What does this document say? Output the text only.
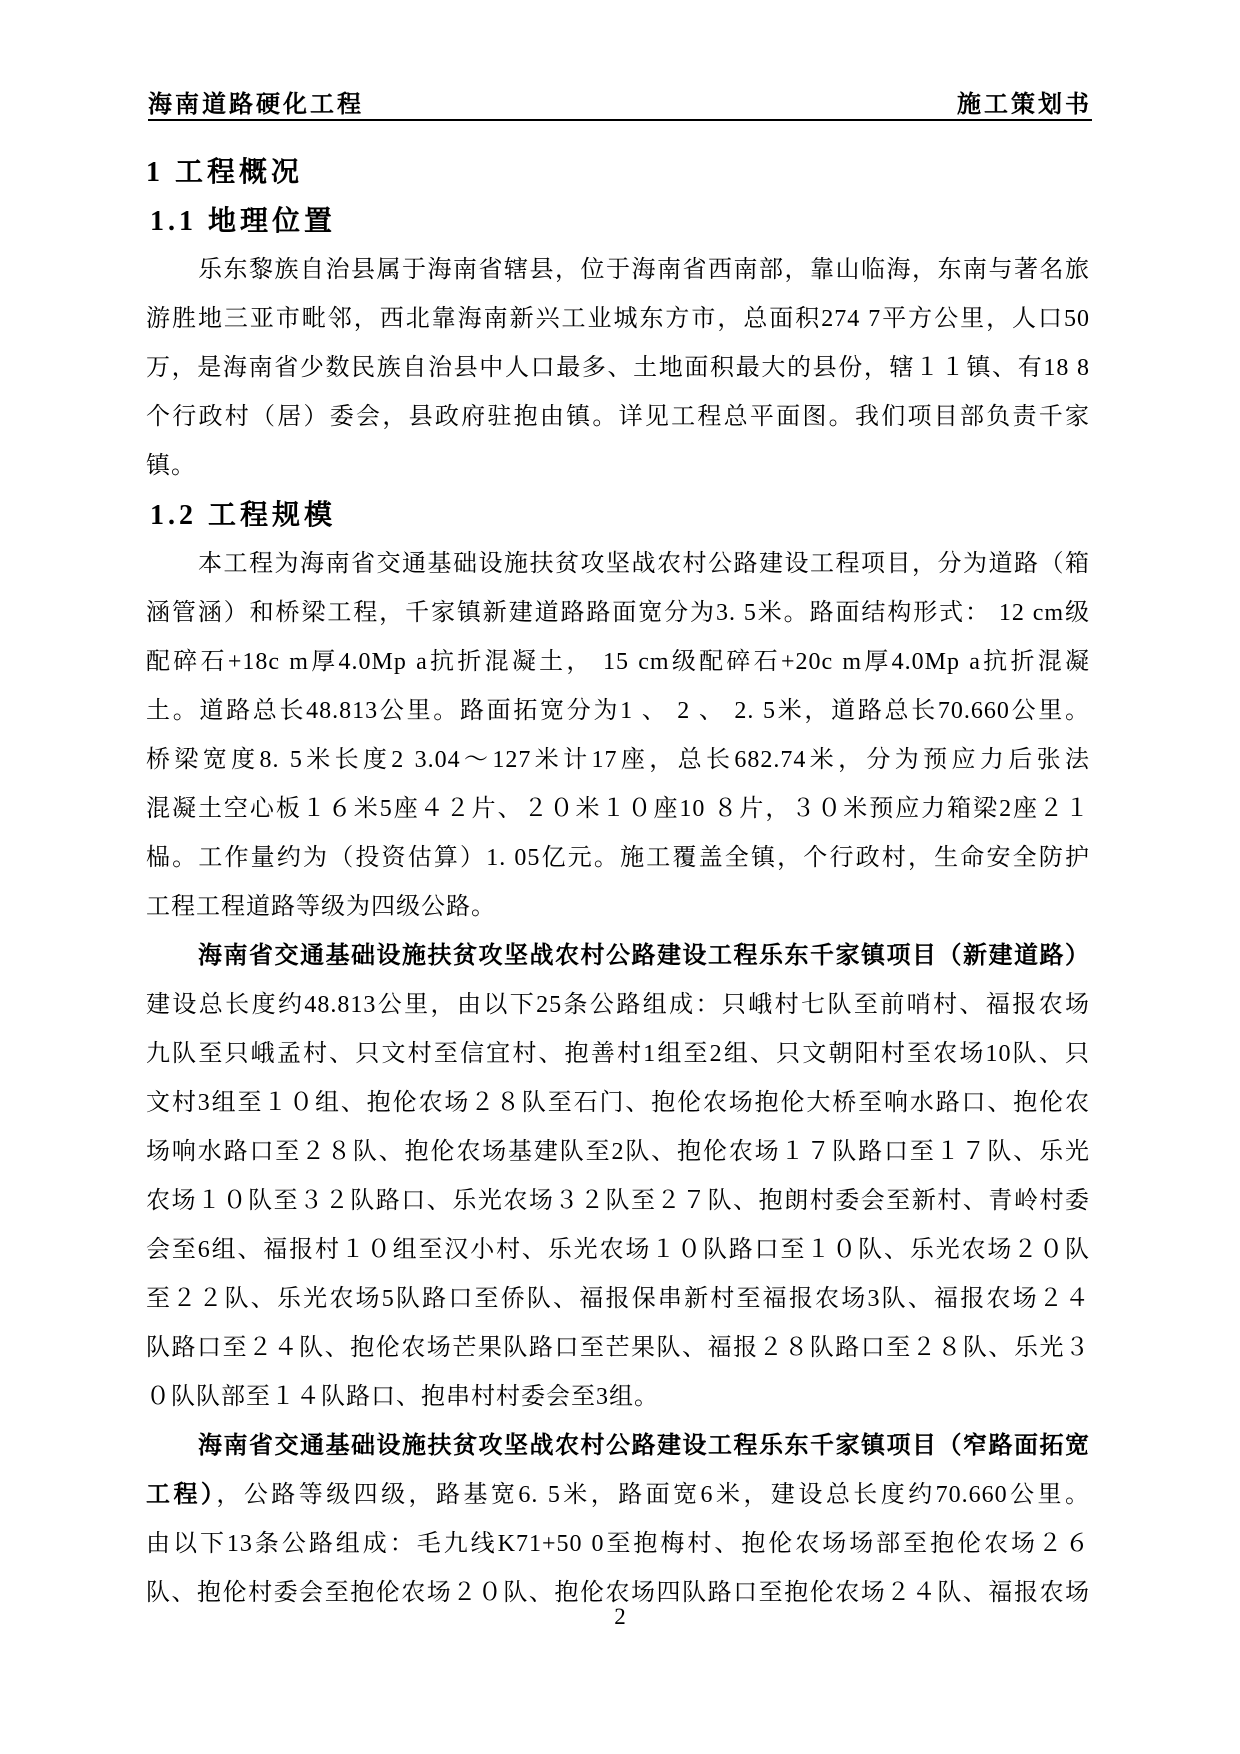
海南道路硬化工程	施工策划书
1 工程概况
1.1 地理位置
乐东黎族自治县属于海南省辖县，位于海南省西南部，靠山临海，东南与著名旅
游胜地三亚市毗邻，西北靠海南新兴工业城东方市，总面积274 7平方公里，人口50
万，是海南省少数民族自治县中人口最多、土地面积最大的县份，辖１１镇、有18 8
个行政村（居）委会，县政府驻抱由镇。详见工程总平面图。我们项目部负责千家
镇。
1.2 工程规模
本工程为海南省交通基础设施扶贫攻坚战农村公路建设工程项目，分为道路（箱
涵管涵）和桥梁工程，千家镇新建道路路面宽分为3. 5米。路面结构形式： 12 cm级
配碎石+18c m厚4.0Mp a抗折混凝土， 15 cm级配碎石+20c m厚4.0Mp a抗折混凝
土。道路总长48.813公里。路面拓宽分为1 、 2 、 2. 5米，道路总长70.660公里。
桥梁宽度8. 5米长度2 3.04～127米计17座，总长682.74米，分为预应力后张法
混凝土空心板１６米5座４２片、２０米１０座10 ８片，３０米预应力箱梁2座２１
榀。工作量约为（投资估算）1. 05亿元。施工覆盖全镇，个行政村，生命安全防护
工程工程道路等级为四级公路。
海南省交通基础设施扶贫攻坚战农村公路建设工程乐东千家镇项目（新建道路）
建设总长度约48.813公里，由以下25条公路组成：只峨村七队至前哨村、福报农场
九队至只峨孟村、只文村至信宜村、抱善村1组至2组、只文朝阳村至农场10队、只
文村3组至１０组、抱伦农场２８队至石门、抱伦农场抱伦大桥至响水路口、抱伦农
场响水路口至２８队、抱伦农场基建队至2队、抱伦农场１７队路口至１７队、乐光
农场１０队至３２队路口、乐光农场３２队至２７队、抱朗村委会至新村、青岭村委
会至6组、福报村１０组至汉小村、乐光农场１０队路口至１０队、乐光农场２０队
至２２队、乐光农场5队路口至侨队、福报保串新村至福报农场3队、福报农场２４
队路口至２４队、抱伦农场芒果队路口至芒果队、福报２８队路口至２８队、乐光３
０队队部至１４队路口、抱串村村委会至3组。
海南省交通基础设施扶贫攻坚战农村公路建设工程乐东千家镇项目（窄路面拓宽
工程），公路等级四级，路基宽6. 5米，路面宽6米，建设总长度约70.660公里。
由以下13条公路组成：毛九线K71+50 0至抱梅村、抱伦农场场部至抱伦农场２６
队、抱伦村委会至抱伦农场２０队、抱伦农场四队路口至抱伦农场２４队、福报农场
2
